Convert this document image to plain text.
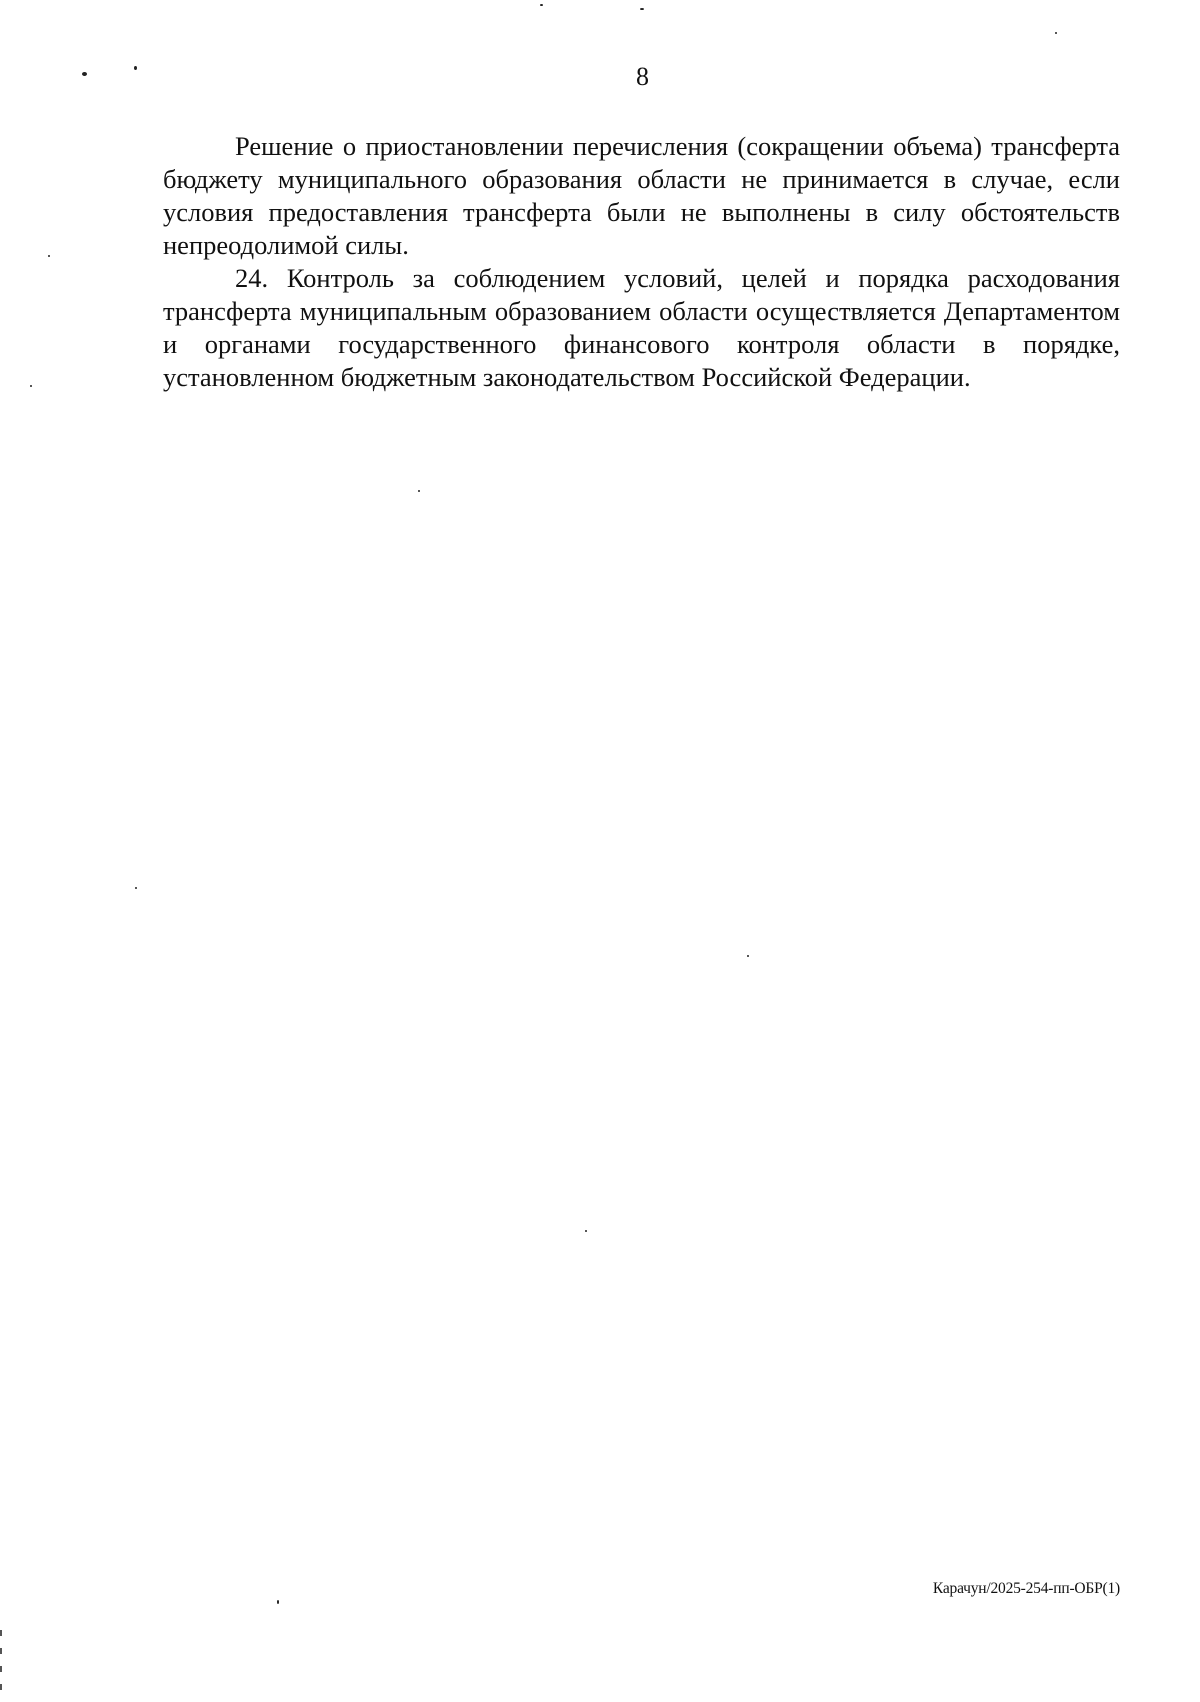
8

Решение о приостановлении перечисления (сокращении объема) трансферта бюджету муниципального образования области не принимается в случае, если условия предоставления трансферта были не выполнены в силу обстоятельств непреодолимой силы.

24. Контроль за соблюдением условий, целей и порядка расходования трансферта муниципальным образованием области осуществляется Департаментом и органами государственного финансового контроля области в порядке, установленном бюджетным законодательством Российской Федерации.

Карачун/2025-254-пп-ОБР(1)
